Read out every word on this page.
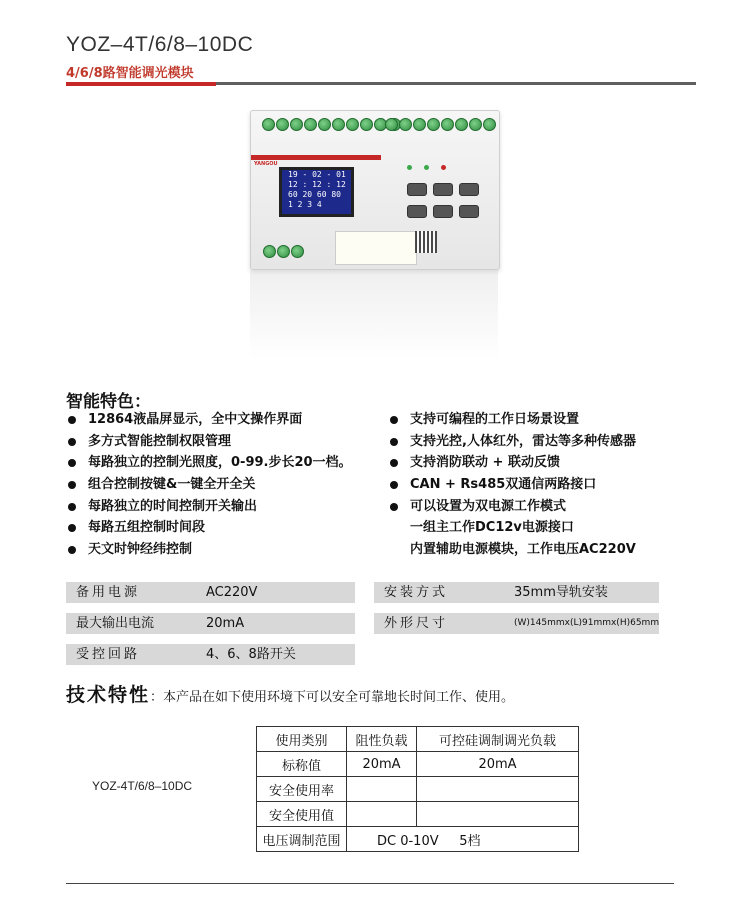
YOZ–4T/6/8–10DC
4/6/8路智能调光模块
YANGOU
19 - 02 - 01
12 : 12 : 12
60 20 60 80
1 2 3 4
智能特色：
12864液晶屏显示，全中文操作界面
多方式智能控制权限管理
每路独立的控制光照度，0-99.步长20一档。
组合控制按键&一键全开全关
每路独立的时间控制开关输出
每路五组控制时间段
天文时钟经纬控制
支持可编程的工作日场景设置
支持光控,人体红外，雷达等多种传感器
支持消防联动 + 联动反馈
CAN + Rs485双通信两路接口
可以设置为双电源工作模式
一组主工作DC12v电源接口
内置辅助电源模块，工作电压AC220V
备用电源	AC220V
最大输出电流	20mA
受控回路	4、6、8路开关
安装方式	35mm导轨安装
外形尺寸	(W)145mmx(L)91mmx(H)65mm
技术特性：本产品在如下使用环境下可以安全可靠地长时间工作、使用。
YOZ-4T/6/8–10DC
使用类别	阻性负载	可控硅调制调光负载
标称值	20mA	20mA
安全使用率		
安全使用值		
电压调制范围	DC 0-10V     5档	
